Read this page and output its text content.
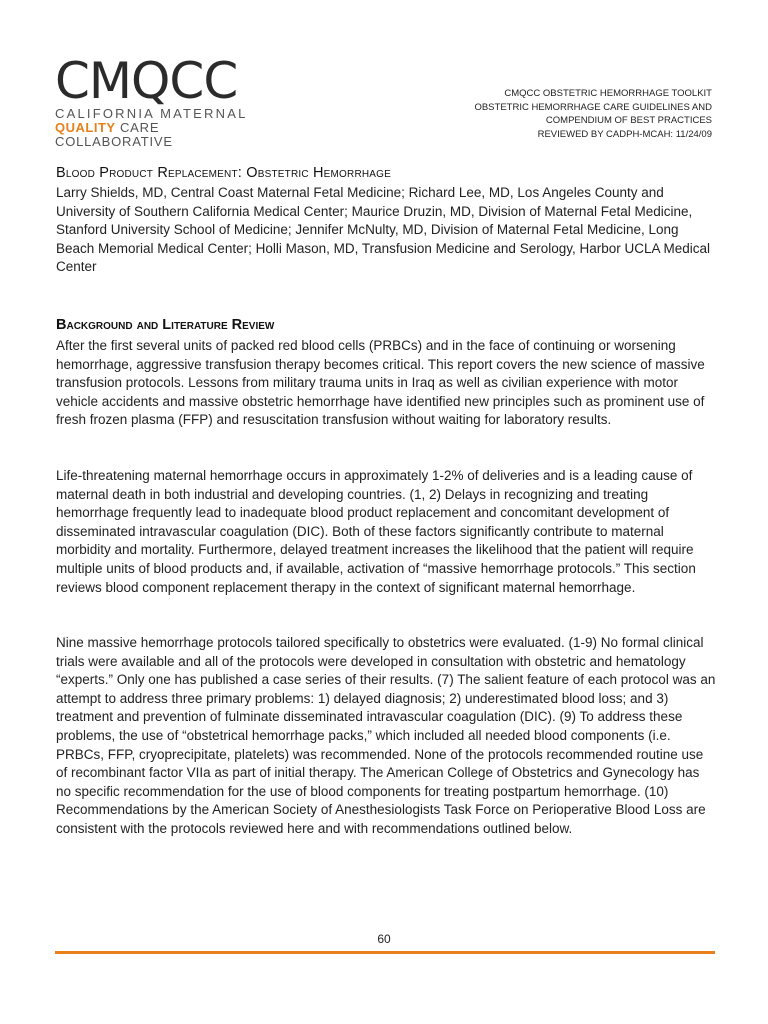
CMQCC
CALIFORNIA MATERNAL
QUALITY CARE COLLABORATIVE
CMQCC OBSTETRIC HEMORRHAGE TOOLKIT
OBSTETRIC HEMORRHAGE CARE GUIDELINES AND
COMPENDIUM OF BEST PRACTICES
REVIEWED BY CADPH-MCAH: 11/24/09
Blood Product Replacement: Obstetric Hemorrhage
Larry Shields, MD, Central Coast Maternal Fetal Medicine; Richard Lee, MD, Los Angeles County and University of Southern California Medical Center; Maurice Druzin, MD, Division of Maternal Fetal Medicine, Stanford University School of Medicine; Jennifer McNulty, MD, Division of Maternal Fetal Medicine, Long Beach Memorial Medical Center; Holli Mason, MD, Transfusion Medicine and Serology, Harbor UCLA Medical Center
Background and Literature Review
After the first several units of packed red blood cells (PRBCs) and in the face of continuing or worsening hemorrhage, aggressive transfusion therapy becomes critical. This report covers the new science of massive transfusion protocols. Lessons from military trauma units in Iraq as well as civilian experience with motor vehicle accidents and massive obstetric hemorrhage have identified new principles such as prominent use of fresh frozen plasma (FFP) and resuscitation transfusion without waiting for laboratory results.
Life-threatening maternal hemorrhage occurs in approximately 1-2% of deliveries and is a leading cause of maternal death in both industrial and developing countries. (1, 2) Delays in recognizing and treating hemorrhage frequently lead to inadequate blood product replacement and concomitant development of disseminated intravascular coagulation (DIC). Both of these factors significantly contribute to maternal morbidity and mortality. Furthermore, delayed treatment increases the likelihood that the patient will require multiple units of blood products and, if available, activation of “massive hemorrhage protocols.” This section reviews blood component replacement therapy in the context of significant maternal hemorrhage.
Nine massive hemorrhage protocols tailored specifically to obstetrics were evaluated. (1-9) No formal clinical trials were available and all of the protocols were developed in consultation with obstetric and hematology “experts.” Only one has published a case series of their results. (7) The salient feature of each protocol was an attempt to address three primary problems: 1) delayed diagnosis; 2) underestimated blood loss; and 3) treatment and prevention of fulminate disseminated intravascular coagulation (DIC). (9) To address these problems, the use of “obstetrical hemorrhage packs,” which included all needed blood components (i.e. PRBCs, FFP, cryoprecipitate, platelets) was recommended. None of the protocols recommended routine use of recombinant factor VIIa as part of initial therapy. The American College of Obstetrics and Gynecology has no specific recommendation for the use of blood components for treating postpartum hemorrhage. (10) Recommendations by the American Society of Anesthesiologists Task Force on Perioperative Blood Loss are consistent with the protocols reviewed here and with recommendations outlined below.
60
